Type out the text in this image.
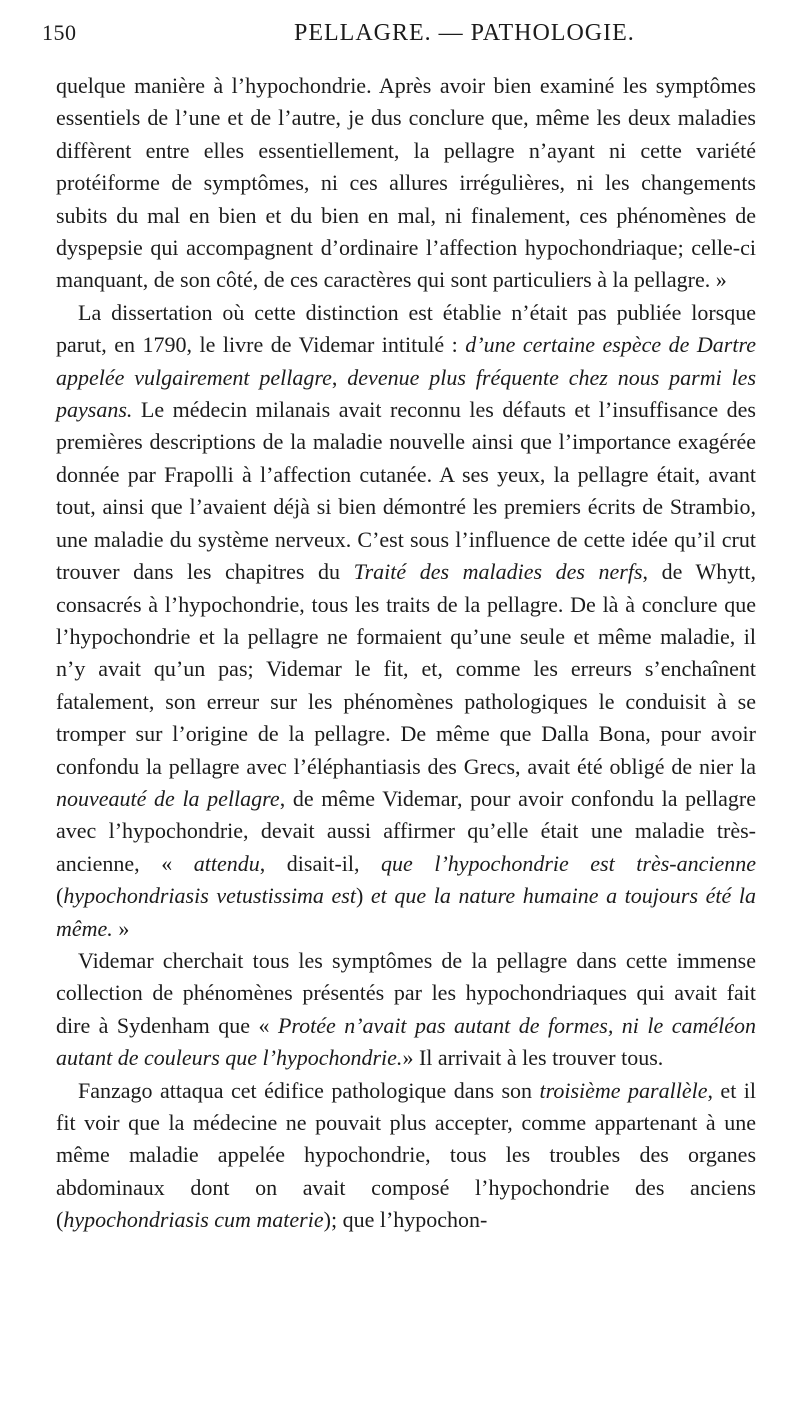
150	PELLAGRE. — PATHOLOGIE.

quelque manière à l’hypochondrie. Après avoir bien examiné les symptômes essentiels de l’une et de l’autre, je dus conclure que, même les deux maladies diffèrent entre elles essentiellement, la pellagre n’ayant ni cette variété protéiforme de symptômes, ni ces allures irrégulières, ni les changements subits du mal en bien et du bien en mal, ni finalement, ces phénomènes de dyspepsie qui accompagnent d’ordinaire l’affection hypochondriaque; celle-ci manquant, de son côté, de ces caractères qui sont particuliers à la pellagre. »

La dissertation où cette distinction est établie n’était pas publiée lorsque parut, en 1790, le livre de Videmar intitulé : d’une certaine espèce de Dartre appelée vulgairement pellagre, devenue plus fréquente chez nous parmi les paysans. Le médecin milanais avait reconnu les défauts et l’insuffisance des premières descriptions de la maladie nouvelle ainsi que l’importance exagérée donnée par Frapolli à l’affection cutanée. A ses yeux, la pellagre était, avant tout, ainsi que l’avaient déjà si bien démontré les premiers écrits de Strambio, une maladie du système nerveux. C’est sous l’influence de cette idée qu’il crut trouver dans les chapitres du Traité des maladies des nerfs, de Whytt, consacrés à l’hypochondrie, tous les traits de la pellagre. De là à conclure que l’hypochondrie et la pellagre ne formaient qu’une seule et même maladie, il n’y avait qu’un pas; Videmar le fit, et, comme les erreurs s’enchaînent fatalement, son erreur sur les phénomènes pathologiques le conduisit à se tromper sur l’origine de la pellagre. De même que Dalla Bona, pour avoir confondu la pellagre avec l’éléphantiasis des Grecs, avait été obligé de nier la nouveauté de la pellagre, de même Videmar, pour avoir confondu la pellagre avec l’hypochondrie, devait aussi affirmer qu’elle était une maladie très-ancienne, « attendu, disait-il, que l’hypochondrie est très-ancienne (hypochondriasis vetustissima est) et que la nature humaine a toujours été la même. »

Videmar cherchait tous les symptômes de la pellagre dans cette immense collection de phénomènes présentés par les hypochondriaques qui avait fait dire à Sydenham que « Protée n’avait pas autant de formes, ni le caméléon autant de couleurs que l’hypochondrie.» Il arrivait à les trouver tous.

Fanzago attaqua cet édifice pathologique dans son troisième parallèle, et il fit voir que la médecine ne pouvait plus accepter, comme appartenant à une même maladie appelée hypochondrie, tous les troubles des organes abdominaux dont on avait composé l’hypochondrie des anciens (hypochondriasis cum materie); que l’hypochon-
